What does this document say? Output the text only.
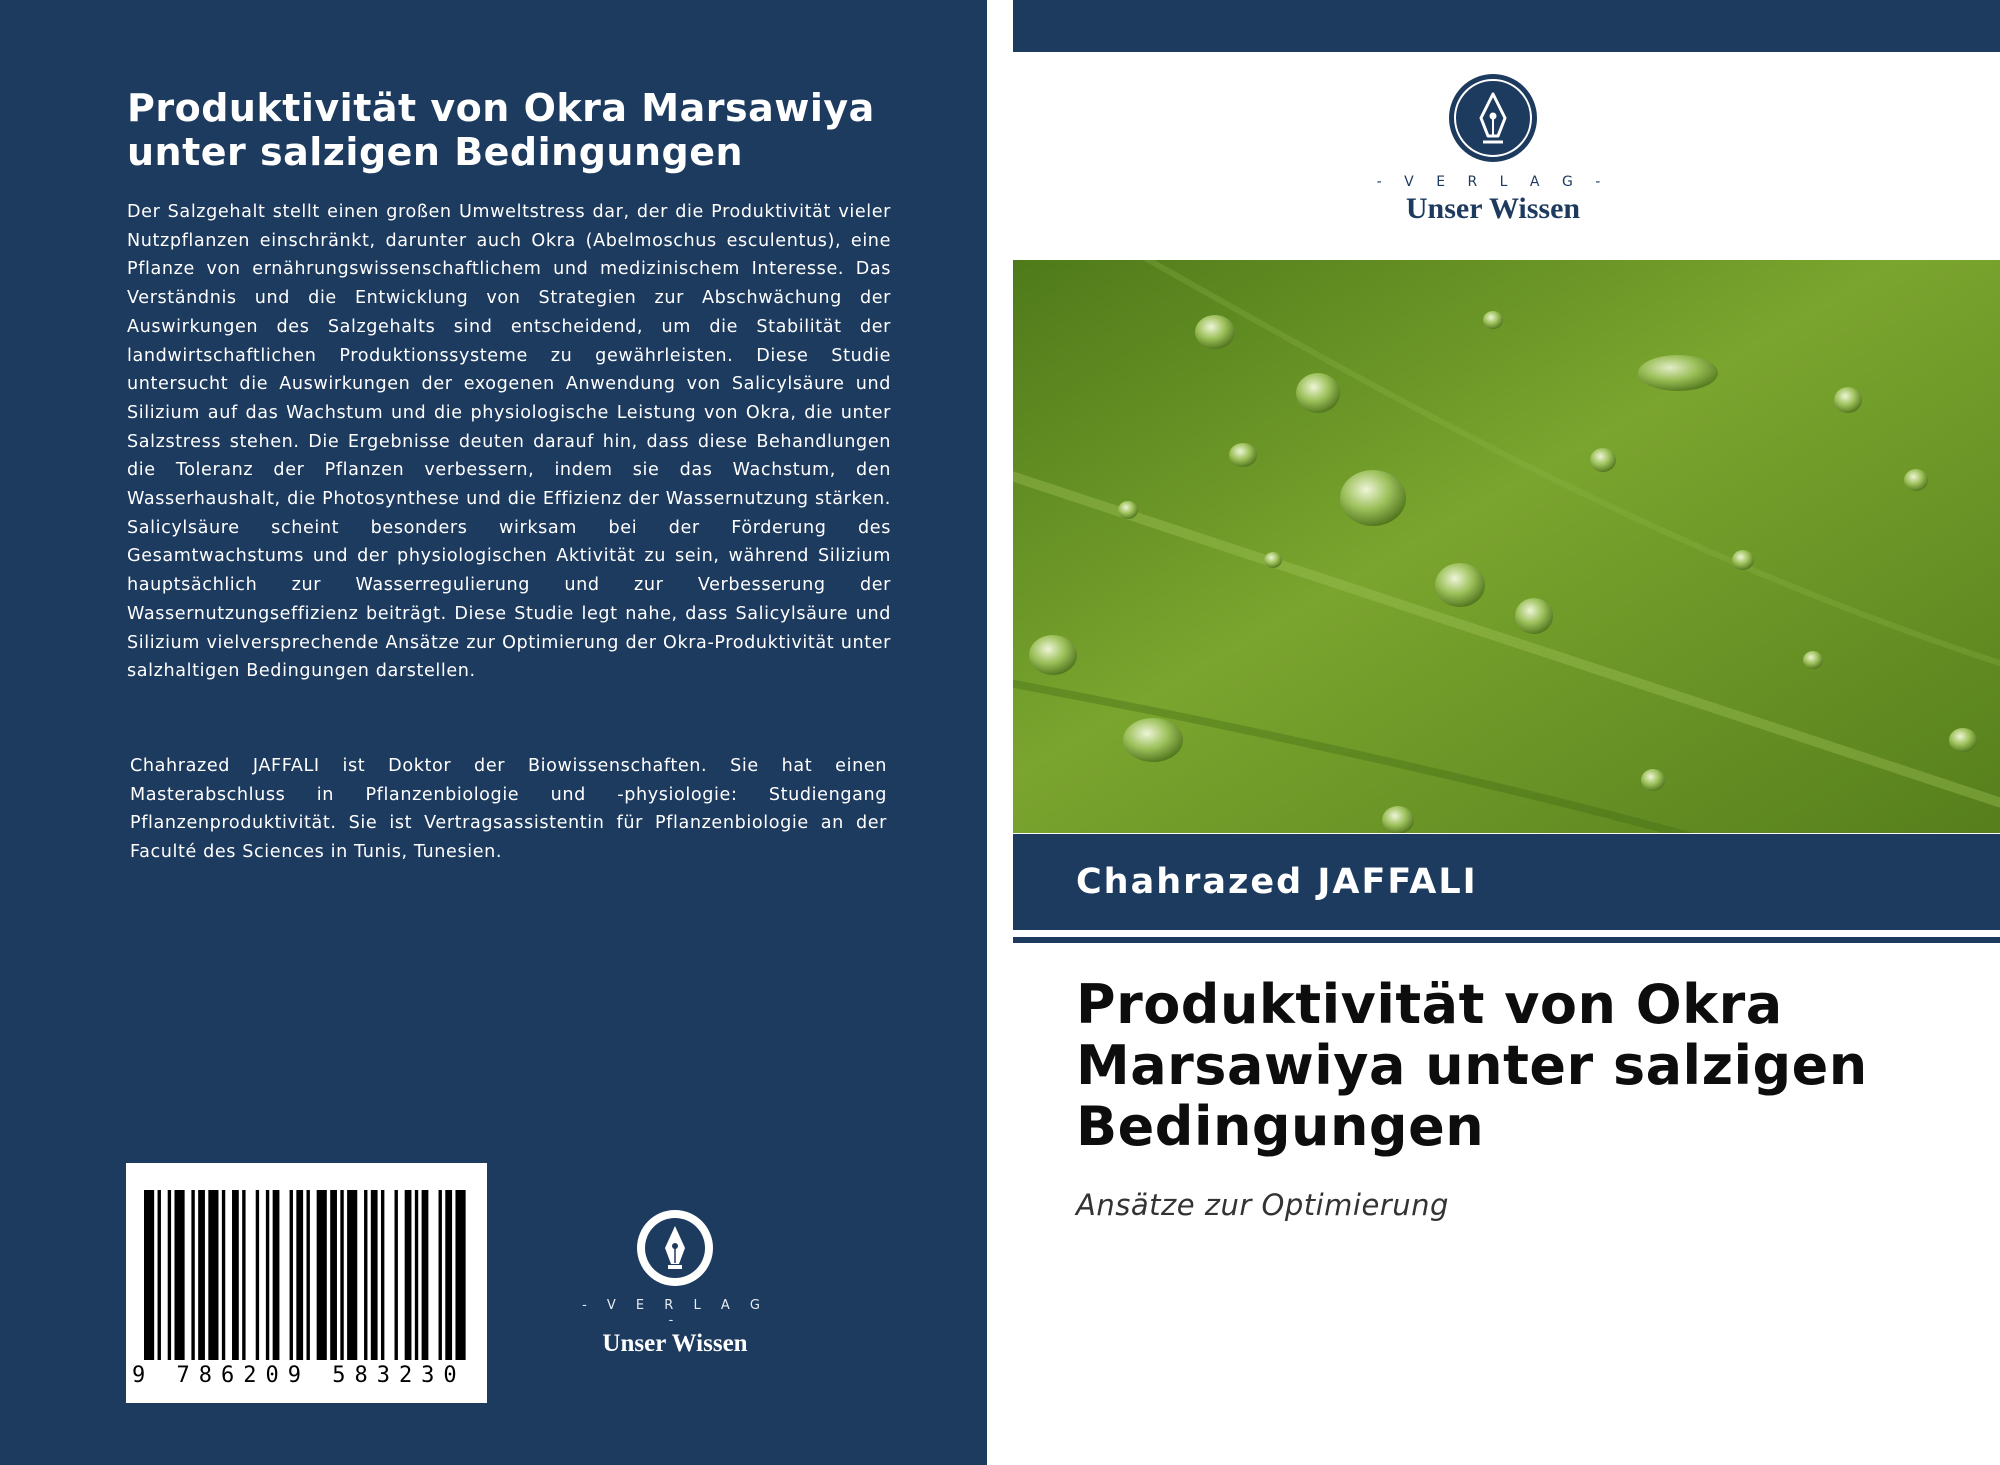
Produktivität von Okra Marsawiya unter salzigen Bedingungen

Der Salzgehalt stellt einen großen Umweltstress dar, der die Produktivität vieler Nutzpflanzen einschränkt, darunter auch Okra (Abelmoschus esculentus), eine Pflanze von ernährungswissenschaftlichem und medizinischem Interesse. Das Verständnis und die Entwicklung von Strategien zur Abschwächung der Auswirkungen des Salzgehalts sind entscheidend, um die Stabilität der landwirtschaftlichen Produktionssysteme zu gewährleisten. Diese Studie untersucht die Auswirkungen der exogenen Anwendung von Salicylsäure und Silizium auf das Wachstum und die physiologische Leistung von Okra, die unter Salzstress stehen. Die Ergebnisse deuten darauf hin, dass diese Behandlungen die Toleranz der Pflanzen verbessern, indem sie das Wachstum, den Wasserhaushalt, die Photosynthese und die Effizienz der Wassernutzung stärken. Salicylsäure scheint besonders wirksam bei der Förderung des Gesamtwachstums und der physiologischen Aktivität zu sein, während Silizium hauptsächlich zur Wasserregulierung und zur Verbesserung der Wassernutzungseffizienz beiträgt. Diese Studie legt nahe, dass Salicylsäure und Silizium vielversprechende Ansätze zur Optimierung der Okra-Produktivität unter salzhaltigen Bedingungen darstellen.

Chahrazed JAFFALI ist Doktor der Biowissenschaften. Sie hat einen Masterabschluss in Pflanzenbiologie und -physiologie: Studiengang Pflanzenproduktivität. Sie ist Vertragsassistentin für Pflanzenbiologie an der Faculté des Sciences in Tunis, Tunesien.

9 786209 583230
- V E R L A G -
Unser Wissen
- V E R L A G -
Unser Wissen
Chahrazed JAFFALI
Produktivität von Okra Marsawiya unter salzigen Bedingungen

Ansätze zur Optimierung
